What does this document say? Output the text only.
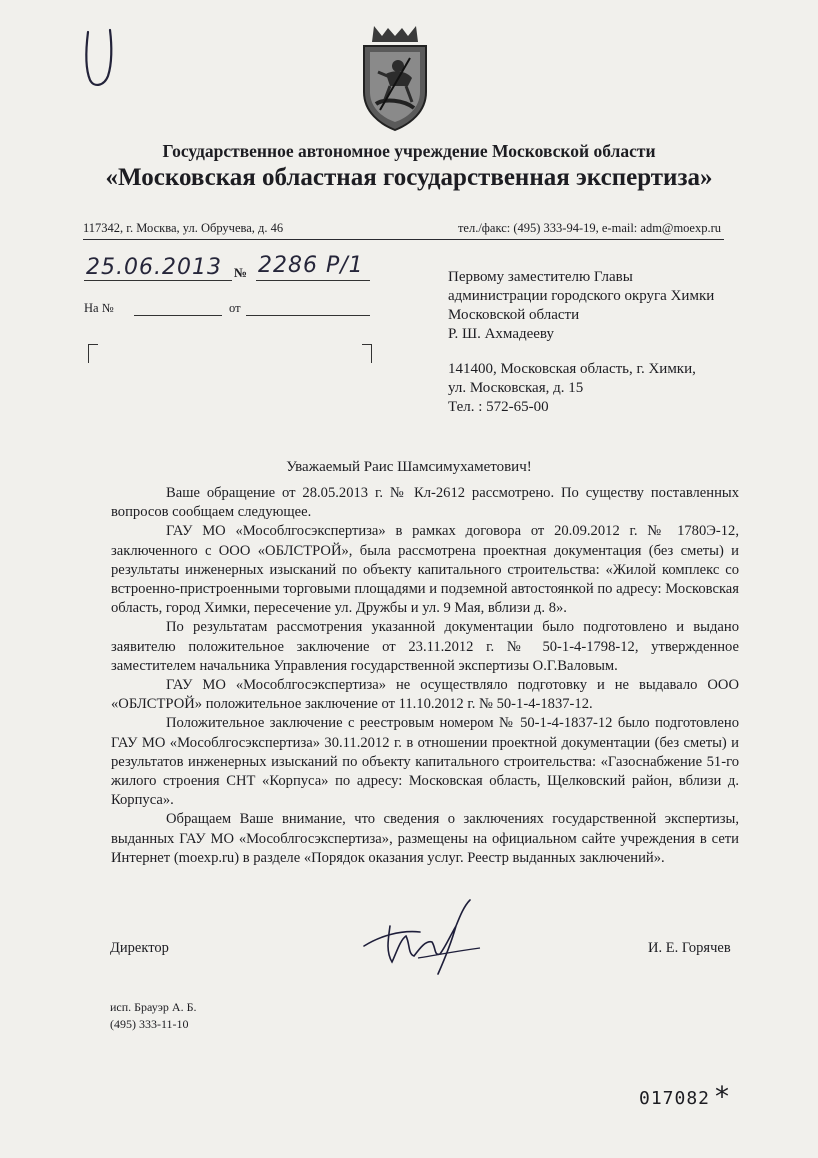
Государственное автономное учреждение Московской области
«Московская областная государственная экспертиза»
117342, г. Москва, ул. Обручева, д. 46	тел./факс: (495) 333-94-19, e-mail: adm@moexp.ru
25.06.2013 № 2286 Р/1
На №	от
Первому заместителю Главы
администрации городского округа Химки
Московской области
Р. Ш. Ахмадееву
141400, Московская область, г. Химки,
ул. Московская, д. 15
Тел. : 572-65-00
Уважаемый Раис Шамсимухаметович!

Ваше обращение от 28.05.2013 г. № Кл-2612 рассмотрено. По существу поставленных вопросов сообщаем следующее.

ГАУ МО «Мособлгосэкспертиза» в рамках договора от 20.09.2012 г. № 1780Э-12, заключенного с ООО «ОБЛСТРОЙ», была рассмотрена проектная документация (без сметы) и результаты инженерных изысканий по объекту капитального строительства: «Жилой комплекс со встроенно-пристроенными торговыми площадями и подземной автостоянкой по адресу: Московская область, город Химки, пересечение ул. Дружбы и ул. 9 Мая, вблизи д. 8».

По результатам рассмотрения указанной документации было подготовлено и выдано заявителю положительное заключение от 23.11.2012 г. № 50-1-4-1798-12, утвержденное заместителем начальника Управления государственной экспертизы О.Г.Валовым.

ГАУ МО «Мособлгосэкспертиза» не осуществляло подготовку и не выдавало ООО «ОБЛСТРОЙ» положительное заключение от 11.10.2012 г. № 50-1-4-1837-12.

Положительное заключение с реестровым номером № 50-1-4-1837-12 было подготовлено ГАУ МО «Мособлгосэкспертиза» 30.11.2012 г. в отношении проектной документации (без сметы) и результатов инженерных изысканий по объекту капитального строительства: «Газоснабжение 51-го жилого строения СНТ «Корпуса» по адресу: Московская область, Щелковский район, вблизи д. Корпуса».

Обращаем Ваше внимание, что сведения о заключениях государственной экспертизы, выданных ГАУ МО «Мособлгосэкспертиза», размещены на официальном сайте учреждения в сети Интернет (moexp.ru) в разделе «Порядок оказания услуг. Реестр выданных заключений».

Директор	И. Е. Горячев
исп. Брауэр А. Б.
(495) 333-11-10
017082 *
